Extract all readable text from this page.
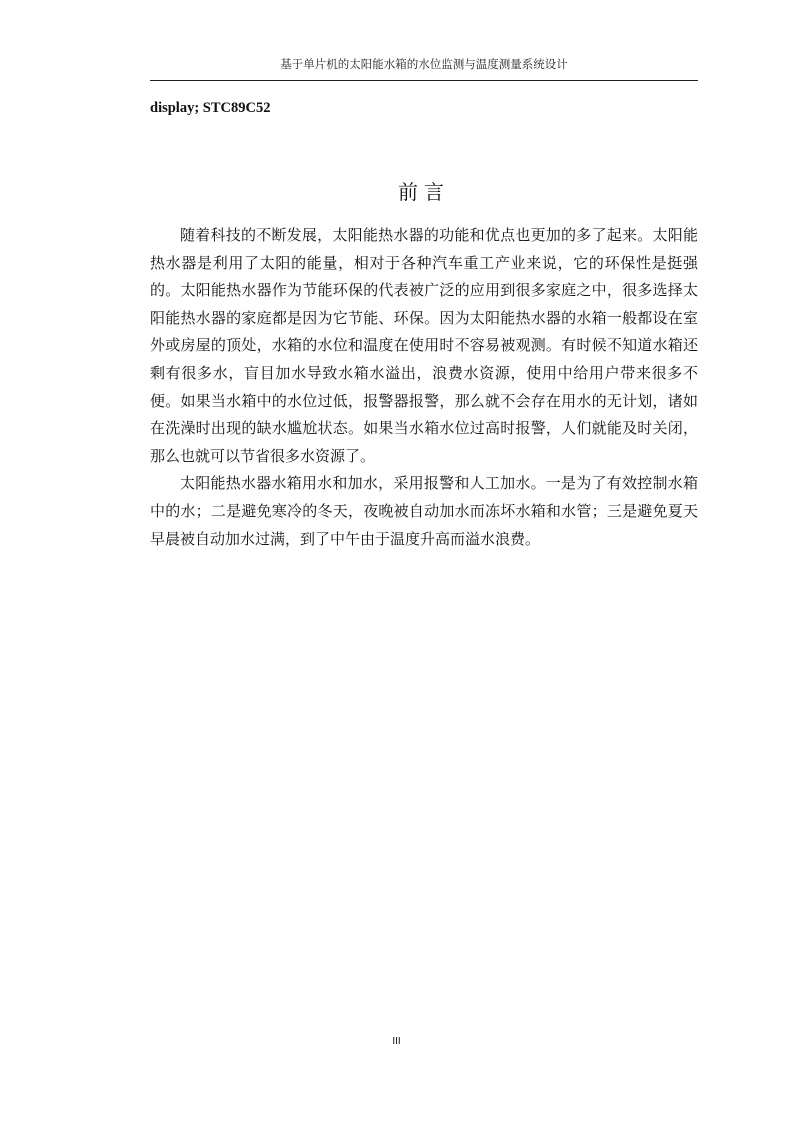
基于单片机的太阳能水箱的水位监测与温度测量系统设计
display; STC89C52
前言

随着科技的不断发展，太阳能热水器的功能和优点也更加的多了起来。太阳能热水器是利用了太阳的能量，相对于各种汽车重工产业来说，它的环保性是挺强的。太阳能热水器作为节能环保的代表被广泛的应用到很多家庭之中，很多选择太阳能热水器的家庭都是因为它节能、环保。因为太阳能热水器的水箱一般都设在室外或房屋的顶处，水箱的水位和温度在使用时不容易被观测。有时候不知道水箱还剩有很多水，盲目加水导致水箱水溢出，浪费水资源，使用中给用户带来很多不便。如果当水箱中的水位过低，报警器报警，那么就不会存在用水的无计划，诸如在洗澡时出现的缺水尴尬状态。如果当水箱水位过高时报警，人们就能及时关闭，那么也就可以节省很多水资源了。

太阳能热水器水箱用水和加水，采用报警和人工加水。一是为了有效控制水箱中的水；二是避免寒冷的冬天，夜晚被自动加水而冻坏水箱和水管；三是避免夏天早晨被自动加水过满，到了中午由于温度升高而溢水浪费。

III
